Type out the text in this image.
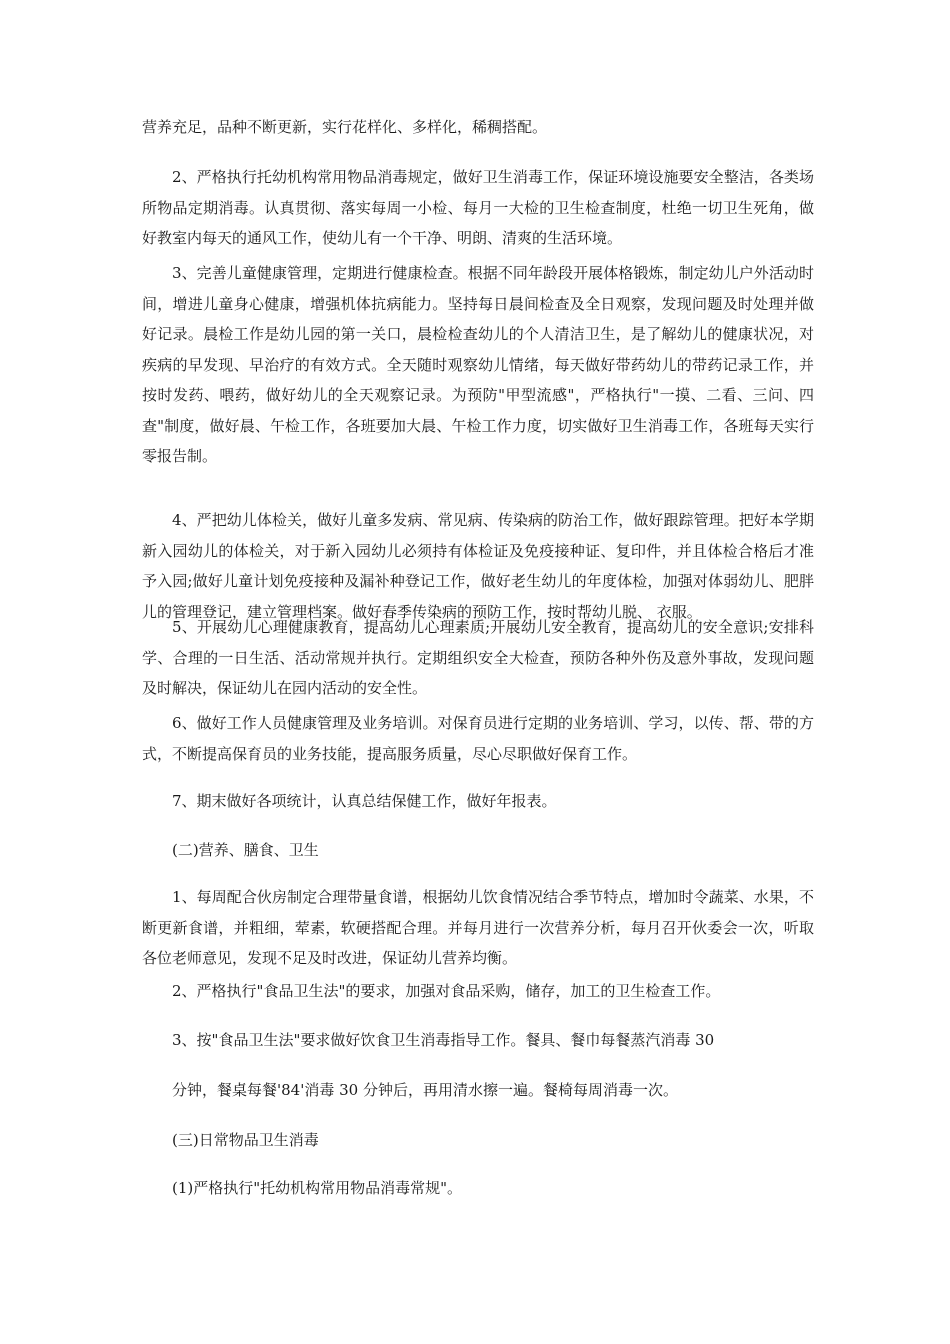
营养充足，品种不断更新，实行花样化、多样化，稀稠搭配。
2、严格执行托幼机构常用物品消毒规定，做好卫生消毒工作，保证环境设施要安全整洁，各类场所物品定期消毒。认真贯彻、落实每周一小检、每月一大检的卫生检查制度，杜绝一切卫生死角，做好教室内每天的通风工作，使幼儿有一个干净、明朗、清爽的生活环境。
3、完善儿童健康管理，定期进行健康检查。根据不同年龄段开展体格锻炼，制定幼儿户外活动时间，增进儿童身心健康，增强机体抗病能力。坚持每日晨间检查及全日观察，发现问题及时处理并做好记录。晨检工作是幼儿园的第一关口，晨检检查幼儿的个人清洁卫生，是了解幼儿的健康状况，对疾病的早发现、早治疗的有效方式。全天随时观察幼儿情绪，每天做好带药幼儿的带药记录工作，并按时发药、喂药，做好幼儿的全天观察记录。为预防"甲型流感"，严格执行"一摸、二看、三问、四查"制度，做好晨、午检工作，各班要加大晨、午检工作力度，切实做好卫生消毒工作，各班每天实行零报告制。
4、严把幼儿体检关，做好儿童多发病、常见病、传染病的防治工作，做好跟踪管理。把好本学期新入园幼儿的体检关，对于新入园幼儿必须持有体检证及免疫接种证、复印件，并且体检合格后才准予入园;做好儿童计划免疫接种及漏补种登记工作，做好老生幼儿的年度体检，加强对体弱幼儿、肥胖儿的管理登记，建立管理档案。做好春季传染病的预防工作，按时帮幼儿脱、 衣服。
5、开展幼儿心理健康教育，提高幼儿心理素质;开展幼儿安全教育，提高幼儿的安全意识;安排科学、合理的一日生活、活动常规并执行。定期组织安全大检查，预防各种外伤及意外事故，发现问题及时解决，保证幼儿在园内活动的安全性。
6、做好工作人员健康管理及业务培训。对保育员进行定期的业务培训、学习，以传、帮、带的方式，不断提高保育员的业务技能，提高服务质量，尽心尽职做好保育工作。
7、期末做好各项统计，认真总结保健工作，做好年报表。
(二)营养、膳食、卫生
1、每周配合伙房制定合理带量食谱，根据幼儿饮食情况结合季节特点，增加时令蔬菜、水果，不断更新食谱，并粗细，荤素，软硬搭配合理。并每月进行一次营养分析，每月召开伙委会一次，听取各位老师意见，发现不足及时改进，保证幼儿营养均衡。
2、严格执行"食品卫生法"的要求，加强对食品采购，储存，加工的卫生检查工作。
3、按"食品卫生法"要求做好饮食卫生消毒指导工作。餐具、餐巾每餐蒸汽消毒 30
分钟，餐桌每餐'84'消毒 30 分钟后，再用清水擦一遍。餐椅每周消毒一次。
(三)日常物品卫生消毒
(1)严格执行"托幼机构常用物品消毒常规"。
